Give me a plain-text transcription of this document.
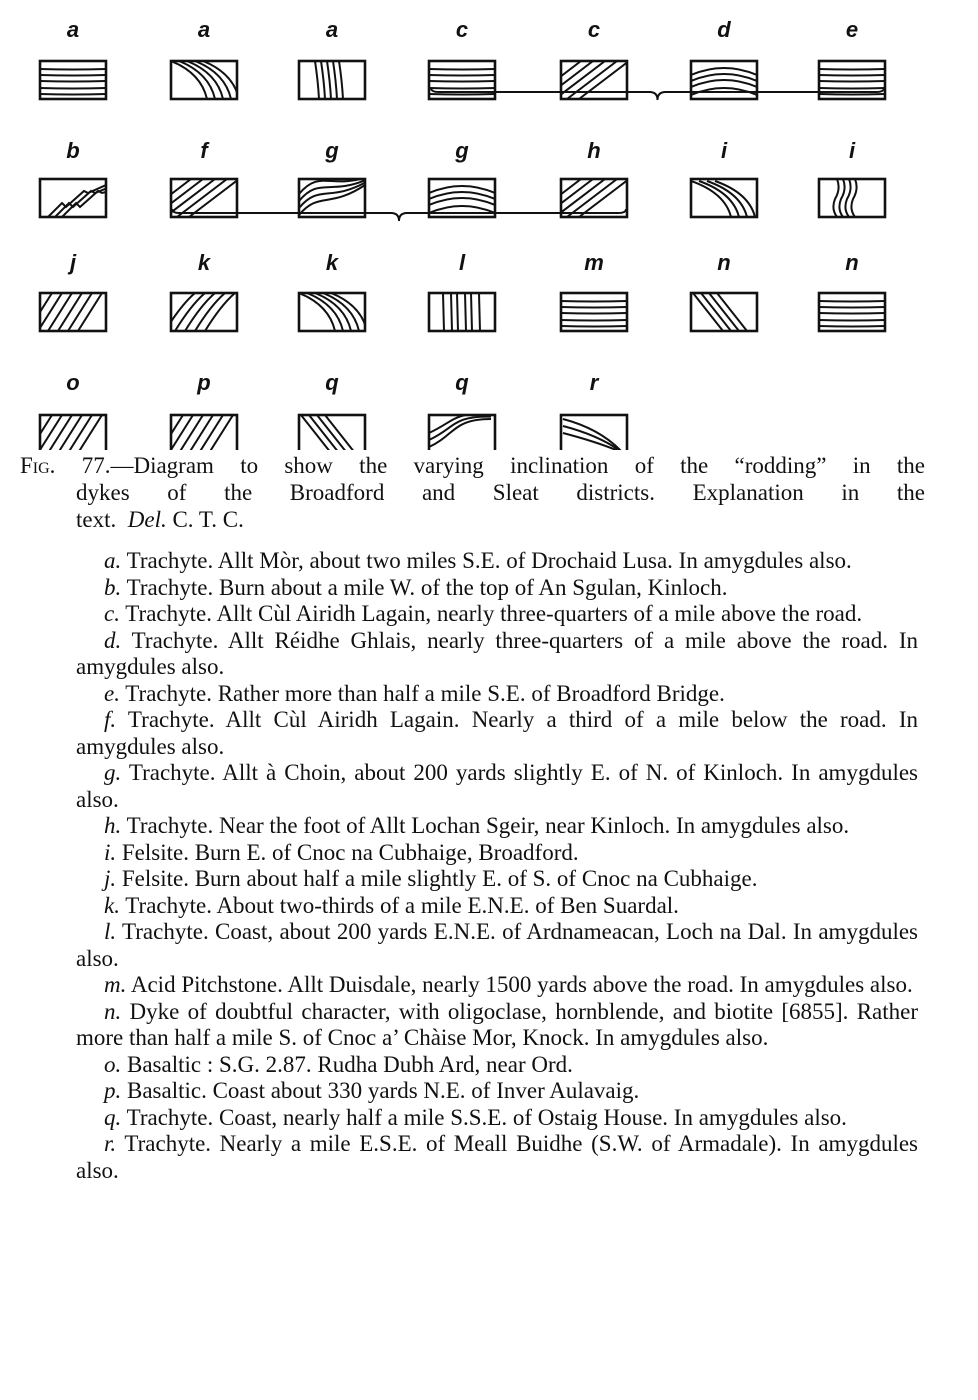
a	a	a	c	c	d	e
b	f	g	g	h	i	i
j	k	k	l	m	n	n
o	p	q	q	r
Fig. 77.—Diagram to show the varying inclination of the “rodding” in the
dykes of the Broadford and Sleat districts. Explanation in the
text. Del. C. T. C.

a. Trachyte. Allt Mòr, about two miles S.E. of Drochaid Lusa. In amygdules also.

b. Trachyte. Burn about a mile W. of the top of An Sgulan, Kinloch.

c. Trachyte. Allt Cùl Airidh Lagain, nearly three-quarters of a mile above the road.

d. Trachyte. Allt Réidhe Ghlais, nearly three-quarters of a mile above the road. In amygdules also.

e. Trachyte. Rather more than half a mile S.E. of Broadford Bridge.

f. Trachyte. Allt Cùl Airidh Lagain. Nearly a third of a mile below the road. In amygdules also.

g. Trachyte. Allt à Choin, about 200 yards slightly E. of N. of Kinloch. In amygdules also.

h. Trachyte. Near the foot of Allt Lochan Sgeir, near Kinloch. In amygdules also.

i. Felsite. Burn E. of Cnoc na Cubhaige, Broadford.

j. Felsite. Burn about half a mile slightly E. of S. of Cnoc na Cubhaige.

k. Trachyte. About two-thirds of a mile E.N.E. of Ben Suardal.

l. Trachyte. Coast, about 200 yards E.N.E. of Ardnameacan, Loch na Dal. In amygdules also.

m. Acid Pitchstone. Allt Duisdale, nearly 1500 yards above the road. In amygdules also.

n. Dyke of doubtful character, with oligoclase, hornblende, and biotite [6855]. Rather more than half a mile S. of Cnoc a’ Chàise Mor, Knock. In amygdules also.

o. Basaltic : S.G. 2.87. Rudha Dubh Ard, near Ord.

p. Basaltic. Coast about 330 yards N.E. of Inver Aulavaig.

q. Trachyte. Coast, nearly half a mile S.S.E. of Ostaig House. In amygdules also.

r. Trachyte. Nearly a mile E.S.E. of Meall Buidhe (S.W. of Armadale). In amygdules also.
